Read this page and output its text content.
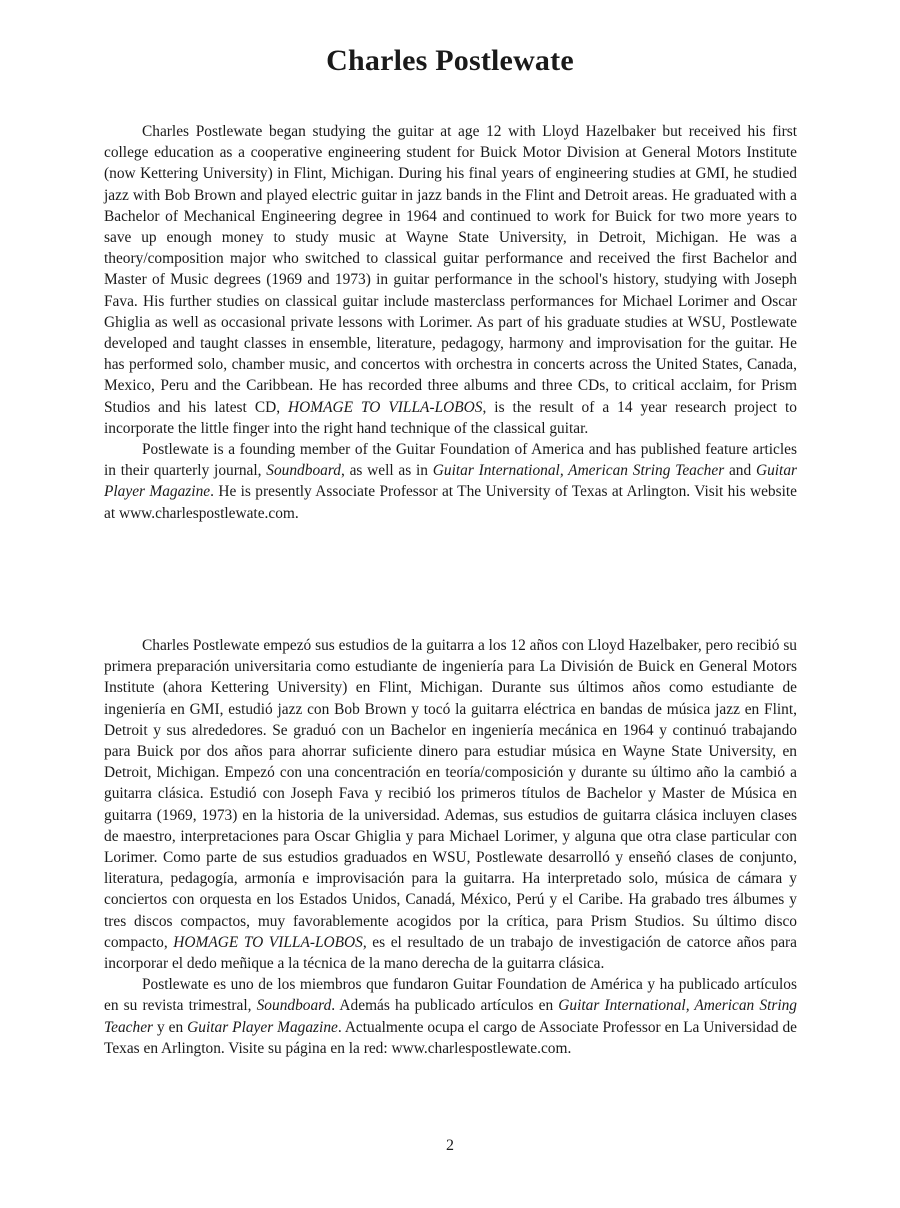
Charles Postlewate

Charles Postlewate began studying the guitar at age 12 with Lloyd Hazelbaker but received his first college education as a cooperative engineering student for Buick Motor Division at General Motors Institute (now Kettering University) in Flint, Michigan. During his final years of engineering studies at GMI, he studied jazz with Bob Brown and played electric guitar in jazz bands in the Flint and Detroit areas. He graduated with a Bachelor of Mechanical Engineering degree in 1964 and continued to work for Buick for two more years to save up enough money to study music at Wayne State University, in Detroit, Michigan. He was a theory/composition major who switched to classical guitar performance and received the first Bachelor and Master of Music degrees (1969 and 1973) in guitar performance in the school's history, studying with Joseph Fava. His further studies on classical guitar include masterclass performances for Michael Lorimer and Oscar Ghiglia as well as occasional private lessons with Lorimer. As part of his graduate studies at WSU, Postlewate developed and taught classes in ensemble, literature, pedagogy, harmony and improvisation for the guitar. He has performed solo, chamber music, and concertos with orchestra in concerts across the United States, Canada, Mexico, Peru and the Caribbean. He has recorded three albums and three CDs, to critical acclaim, for Prism Studios and his latest CD, HOMAGE TO VILLA-LOBOS, is the result of a 14 year research project to incorporate the little finger into the right hand technique of the classical guitar.

Postlewate is a founding member of the Guitar Foundation of America and has published feature articles in their quarterly journal, Soundboard, as well as in Guitar International, American String Teacher and Guitar Player Magazine. He is presently Associate Professor at The University of Texas at Arlington. Visit his website at www.charlespostlewate.com.

Charles Postlewate empezó sus estudios de la guitarra a los 12 años con Lloyd Hazelbaker, pero recibió su primera preparación universitaria como estudiante de ingeniería para La División de Buick en General Motors Institute (ahora Kettering University) en Flint, Michigan. Durante sus últimos años como estudiante de ingeniería en GMI, estudió jazz con Bob Brown y tocó la guitarra eléctrica en bandas de música jazz en Flint, Detroit y sus alrededores. Se graduó con un Bachelor en ingeniería mecánica en 1964 y continuó trabajando para Buick por dos años para ahorrar suficiente dinero para estudiar música en Wayne State University, en Detroit, Michigan. Empezó con una concentración en teoría/composición y durante su último año la cambió a guitarra clásica. Estudió con Joseph Fava y recibió los primeros títulos de Bachelor y Master de Música en guitarra (1969, 1973) en la historia de la universidad. Ademas, sus estudios de guitarra clásica incluyen clases de maestro, interpretaciones para Oscar Ghiglia y para Michael Lorimer, y alguna que otra clase particular con Lorimer. Como parte de sus estudios graduados en WSU, Postlewate desarrolló y enseñó clases de conjunto, literatura, pedagogía, armonía e improvisación para la guitarra. Ha interpretado solo, música de cámara y conciertos con orquesta en los Estados Unidos, Canadá, México, Perú y el Caribe. Ha grabado tres álbumes y tres discos compactos, muy favorablemente acogidos por la crítica, para Prism Studios. Su último disco compacto, HOMAGE TO VILLA-LOBOS, es el resultado de un trabajo de investigación de catorce años para incorporar el dedo meñique a la técnica de la mano derecha de la guitarra clásica.

Postlewate es uno de los miembros que fundaron Guitar Foundation de América y ha publicado artículos en su revista trimestral, Soundboard. Además ha publicado artículos en Guitar International, American String Teacher y en Guitar Player Magazine. Actualmente ocupa el cargo de Associate Professor en La Universidad de Texas en Arlington. Visite su página en la red: www.charlespostlewate.com.

2
